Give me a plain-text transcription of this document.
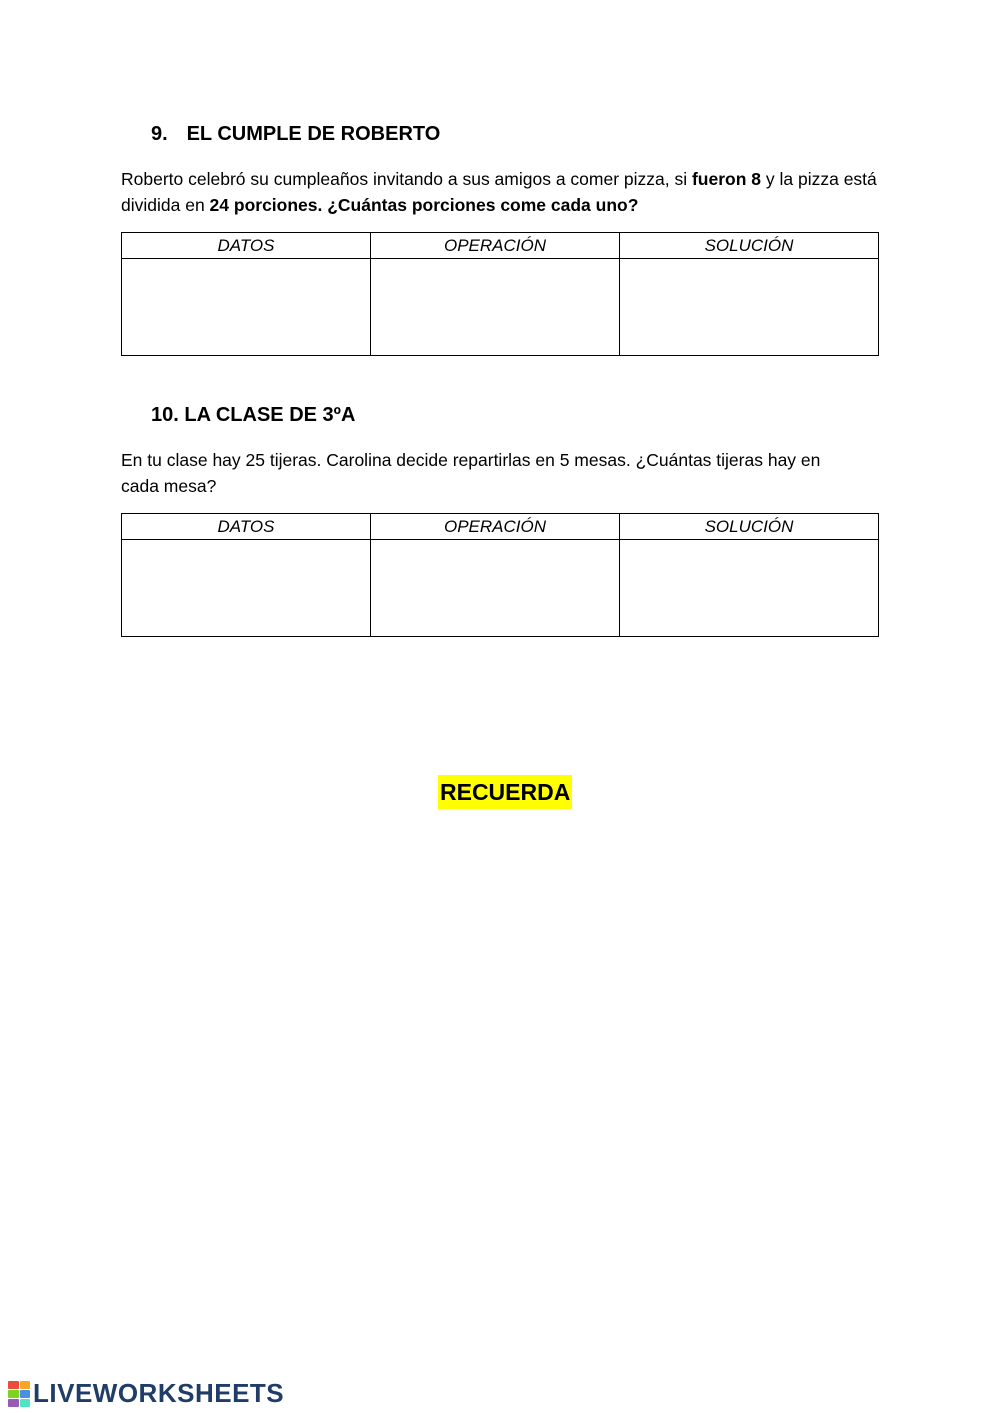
9. EL CUMPLE DE ROBERTO

Roberto celebró su cumpleaños invitando a sus amigos a comer pizza, si fueron 8 y la pizza está dividida en 24 porciones. ¿Cuántas porciones come cada uno?

DATOS	OPERACIÓN	SOLUCIÓN

10. LA CLASE DE 3ºA

En tu clase hay 25 tijeras. Carolina decide repartirlas en 5 mesas. ¿Cuántas tijeras hay en cada mesa?

DATOS	OPERACIÓN	SOLUCIÓN

RECUERDA
LIVEWORKSHEETS
